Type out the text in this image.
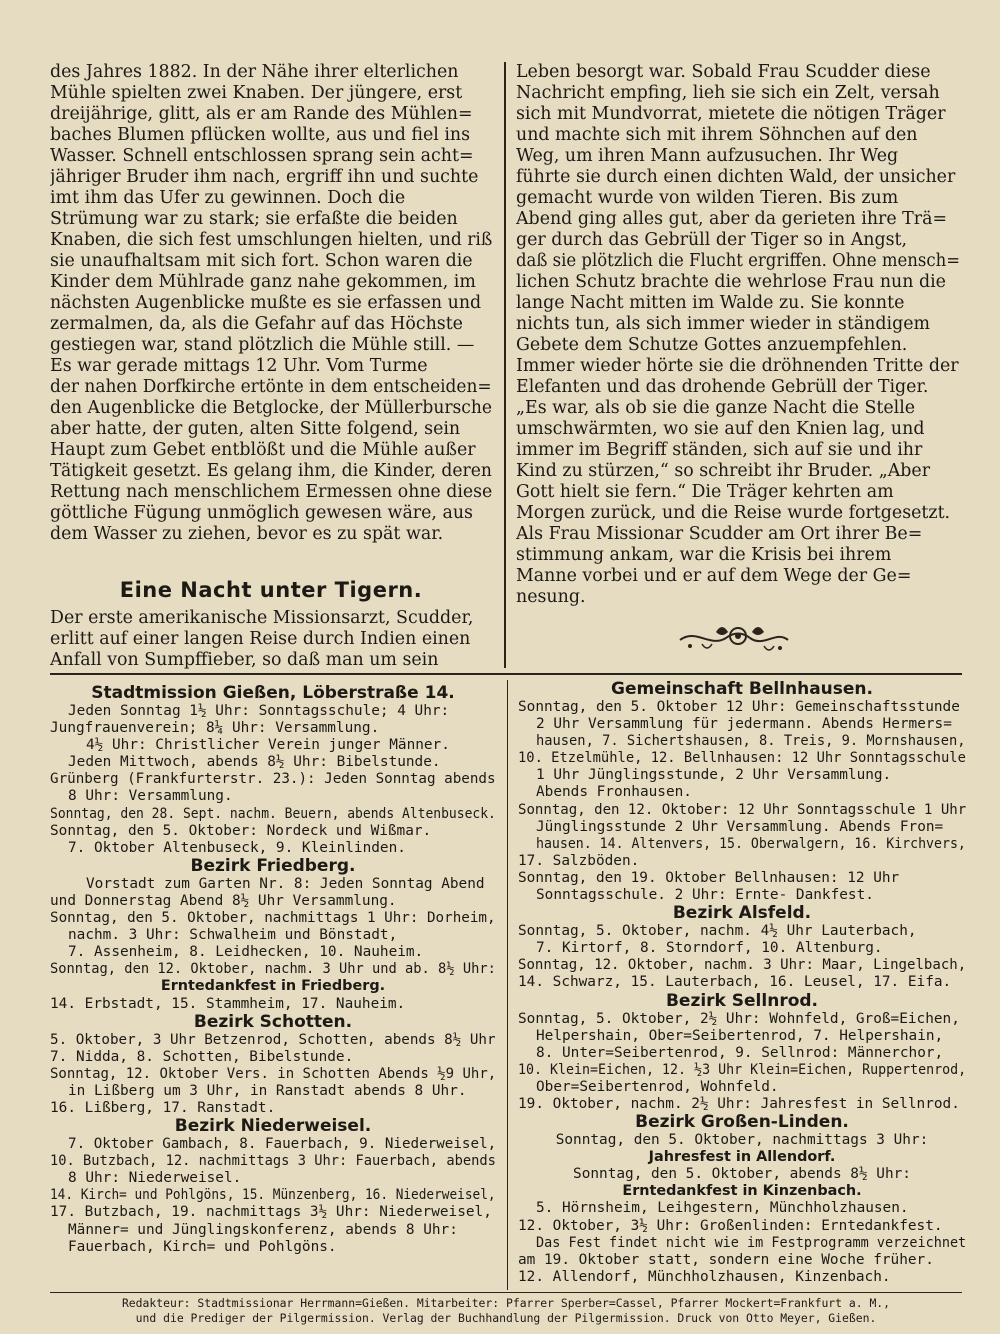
des Jahres 1882. In der Nähe ihrer elterlichen
Mühle spielten zwei Knaben. Der jüngere, erst
dreijährige, glitt, als er am Rande des Mühlen=
baches Blumen pflücken wollte, aus und fiel ins
Wasser. Schnell entschlossen sprang sein acht=
jähriger Bruder ihm nach, ergriff ihn und suchte
imt ihm das Ufer zu gewinnen. Doch die
Strümung war zu stark; sie erfaßte die beiden
Knaben, die sich fest umschlungen hielten, und riß
sie unaufhaltsam mit sich fort. Schon waren die
Kinder dem Mühlrade ganz nahe gekommen, im
nächsten Augenblicke mußte es sie erfassen und
zermalmen, da, als die Gefahr auf das Höchste
gestiegen war, stand plötzlich die Mühle still. —
Es war gerade mittags 12 Uhr. Vom Turme
der nahen Dorfkirche ertönte in dem entscheiden=
den Augenblicke die Betglocke, der Müllerbursche
aber hatte, der guten, alten Sitte folgend, sein
Haupt zum Gebet entblößt und die Mühle außer
Tätigkeit gesetzt. Es gelang ihm, die Kinder, deren
Rettung nach menschlichem Ermessen ohne diese
göttliche Fügung unmöglich gewesen wäre, aus
dem Wasser zu ziehen, bevor es zu spät war.
Eine Nacht unter Tigern.
Der erste amerikanische Missionsarzt, Scudder,
erlitt auf einer langen Reise durch Indien einen
Anfall von Sumpffieber, so daß man um sein
Leben besorgt war. Sobald Frau Scudder diese
Nachricht empfing, lieh sie sich ein Zelt, versah
sich mit Mundvorrat, mietete die nötigen Träger
und machte sich mit ihrem Söhnchen auf den
Weg, um ihren Mann aufzusuchen. Ihr Weg
führte sie durch einen dichten Wald, der unsicher
gemacht wurde von wilden Tieren. Bis zum
Abend ging alles gut, aber da gerieten ihre Trä=
ger durch das Gebrüll der Tiger so in Angst,
daß sie plötzlich die Flucht ergriffen. Ohne mensch=
lichen Schutz brachte die wehrlose Frau nun die
lange Nacht mitten im Walde zu. Sie konnte
nichts tun, als sich immer wieder in ständigem
Gebete dem Schutze Gottes anzuempfehlen.
Immer wieder hörte sie die dröhnenden Tritte der
Elefanten und das drohende Gebrüll der Tiger.
„Es war, als ob sie die ganze Nacht die Stelle
umschwärmten, wo sie auf den Knien lag, und
immer im Begriff ständen, sich auf sie und ihr
Kind zu stürzen,“ so schreibt ihr Bruder. „Aber
Gott hielt sie fern.“ Die Träger kehrten am
Morgen zurück, und die Reise wurde fortgesetzt.
Als Frau Missionar Scudder am Ort ihrer Be=
stimmung ankam, war die Krisis bei ihrem
Manne vorbei und er auf dem Wege der Ge=
nesung.
Stadtmission Gießen, Löberstraße 14.
Jeden Sonntag 1½ Uhr: Sonntagsschule; 4 Uhr:
Jungfrauenverein; 8¼ Uhr: Versammlung.
4½ Uhr: Christlicher Verein junger Männer.
Jeden Mittwoch, abends 8½ Uhr: Bibelstunde.
Grünberg (Frankfurterstr. 23.): Jeden Sonntag abends
8 Uhr: Versammlung.
Sonntag, den 28. Sept. nachm. Beuern, abends Altenbuseck.
Sonntag, den 5. Oktober: Nordeck und Wißmar.
7. Oktober Altenbuseck, 9. Kleinlinden.
Bezirk Friedberg.
Vorstadt zum Garten Nr. 8: Jeden Sonntag Abend
und Donnerstag Abend 8½ Uhr Versammlung.
Sonntag, den 5. Oktober, nachmittags 1 Uhr: Dorheim,
nachm. 3 Uhr: Schwalheim und Bönstadt,
7. Assenheim, 8. Leidhecken, 10. Nauheim.
Sonntag, den 12. Oktober, nachm. 3 Uhr und ab. 8½ Uhr:
Erntedankfest in Friedberg.
14. Erbstadt, 15. Stammheim, 17. Nauheim.
Bezirk Schotten.
5. Oktober, 3 Uhr Betzenrod, Schotten, abends 8½ Uhr
7. Nidda, 8. Schotten, Bibelstunde.
Sonntag, 12. Oktober Vers. in Schotten Abends ½9 Uhr,
in Lißberg um 3 Uhr, in Ranstadt abends 8 Uhr.
16. Lißberg, 17. Ranstadt.
Bezirk Niederweisel.
7. Oktober Gambach, 8. Fauerbach, 9. Niederweisel,
10. Butzbach, 12. nachmittags 3 Uhr: Fauerbach, abends
8 Uhr: Niederweisel.
14. Kirch= und Pohlgöns, 15. Münzenberg, 16. Niederweisel,
17. Butzbach, 19. nachmittags 3½ Uhr: Niederweisel,
Männer= und Jünglingskonferenz, abends 8 Uhr:
Fauerbach, Kirch= und Pohlgöns.
Gemeinschaft Bellnhausen.
Sonntag, den 5. Oktober 12 Uhr: Gemeinschaftsstunde
2 Uhr Versammlung für jedermann. Abends Hermers=
hausen, 7. Sichertshausen, 8. Treis, 9. Mornshausen,
10. Etzelmühle, 12. Bellnhausen: 12 Uhr Sonntagsschule
1 Uhr Jünglingsstunde, 2 Uhr Versammlung.
Abends Fronhausen.
Sonntag, den 12. Oktober: 12 Uhr Sonntagsschule 1 Uhr
Jünglingsstunde 2 Uhr Versammlung. Abends Fron=
hausen. 14. Altenvers, 15. Oberwalgern, 16. Kirchvers,
17. Salzböden.
Sonntag, den 19. Oktober Bellnhausen: 12 Uhr
Sonntagsschule. 2 Uhr: Ernte- Dankfest.
Bezirk Alsfeld.
Sonntag, 5. Oktober, nachm. 4½ Uhr Lauterbach,
7. Kirtorf, 8. Storndorf, 10. Altenburg.
Sonntag, 12. Oktober, nachm. 3 Uhr: Maar, Lingelbach,
14. Schwarz, 15. Lauterbach, 16. Leusel, 17. Eifa.
Bezirk Sellnrod.
Sonntag, 5. Oktober, 2½ Uhr: Wohnfeld, Groß=Eichen,
Helpershain, Ober=Seibertenrod, 7. Helpershain,
8. Unter=Seibertenrod, 9. Sellnrod: Männerchor,
10. Klein=Eichen, 12. ½3 Uhr Klein=Eichen, Ruppertenrod,
Ober=Seibertenrod, Wohnfeld.
19. Oktober, nachm. 2½ Uhr: Jahresfest in Sellnrod.
Bezirk Großen-Linden.
Sonntag, den 5. Oktober, nachmittags 3 Uhr:
Jahresfest in Allendorf.
Sonntag, den 5. Oktober, abends 8½ Uhr:
Erntedankfest in Kinzenbach.
5. Hörnsheim, Leihgestern, Münchholzhausen.
12. Oktober, 3½ Uhr: Großenlinden: Erntedankfest.
Das Fest findet nicht wie im Festprogramm verzeichnet
am 19. Oktober statt, sondern eine Woche früher.
12. Allendorf, Münchholzhausen, Kinzenbach.
Redakteur: Stadtmissionar Herrmann=Gießen. Mitarbeiter: Pfarrer Sperber=Cassel, Pfarrer Mockert=Frankfurt a. M.,
und die Prediger der Pilgermission. Verlag der Buchhandlung der Pilgermission. Druck von Otto Meyer, Gießen.
